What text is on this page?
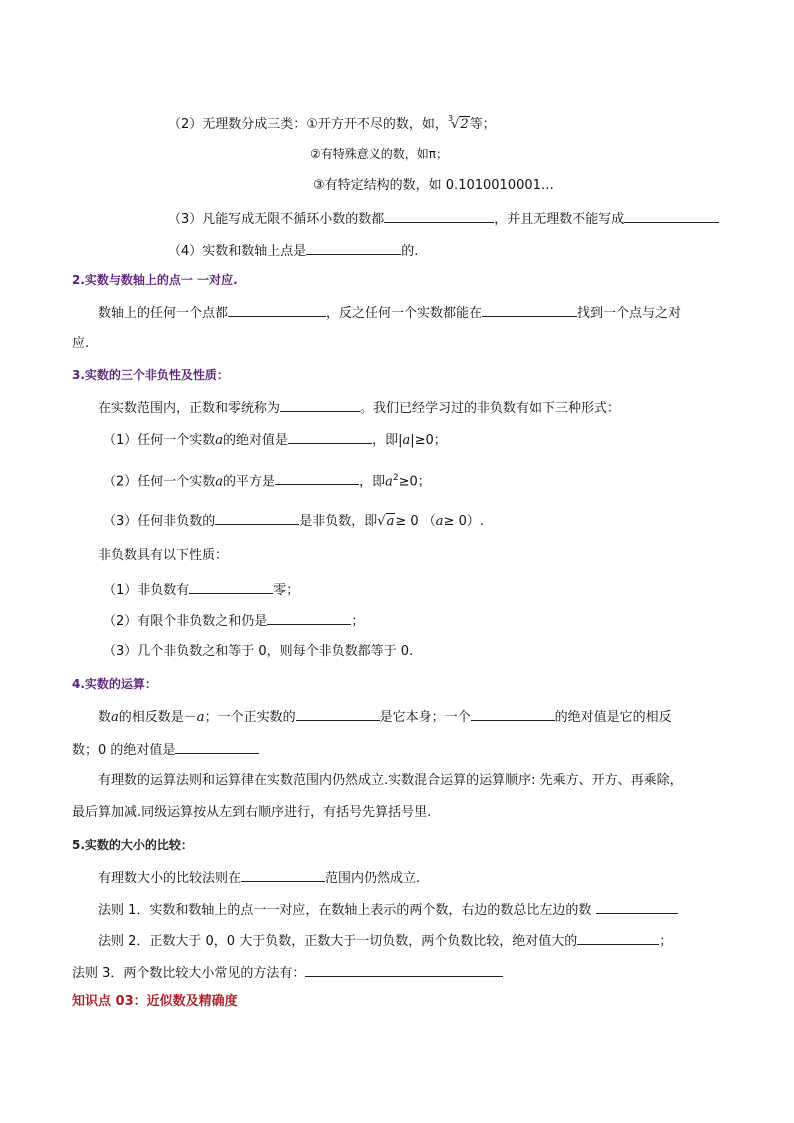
（2）无理数分成三类：①开方开不尽的数，如，$^3$√2等；
②有特殊意义的数，如π；
③有特定结构的数，如 0.1010010001…
（3）凡能写成无限不循环小数的数都	，并且无理数不能写成
（4）实数和数轴上点是	的.
2.实数与数轴上的点一 一对应.
数轴上的任何一个点都	，反之任何一个实数都能在	找到一个点与之对
应.
3.实数的三个非负性及性质：
在实数范围内，正数和零统称为	。我们已经学习过的非负数有如下三种形式：
（1）任何一个实数a的绝对值是	，即|a|≥0；
（2）任何一个实数a的平方是	，即$a^2\ge 0$；
（3）任何非负数的	是非负数，即√a≥ 0 （a≥ 0）.
非负数具有以下性质：
（1）非负数有	零；
（2）有限个非负数之和仍是	；
（3）几个非负数之和等于 0，则每个非负数都等于 0.
4.实数的运算：
数a的相反数是－a；一个正实数的	是它本身；一个	的绝对值是它的相反
数；0 的绝对值是
有理数的运算法则和运算律在实数范围内仍然成立.实数混合运算的运算顺序: 先乘方、开方、再乘除，
最后算加减.同级运算按从左到右顺序进行，有括号先算括号里.
5.实数的大小的比较：
有理数大小的比较法则在	范围内仍然成立.
法则 1．实数和数轴上的点一一对应，在数轴上表示的两个数，右边的数总比左边的数
法则 2．正数大于 0，0 大于负数，正数大于一切负数，两个负数比较，绝对值大的	；
法则 3．两个数比较大小常见的方法有：
知识点 03：近似数及精确度
